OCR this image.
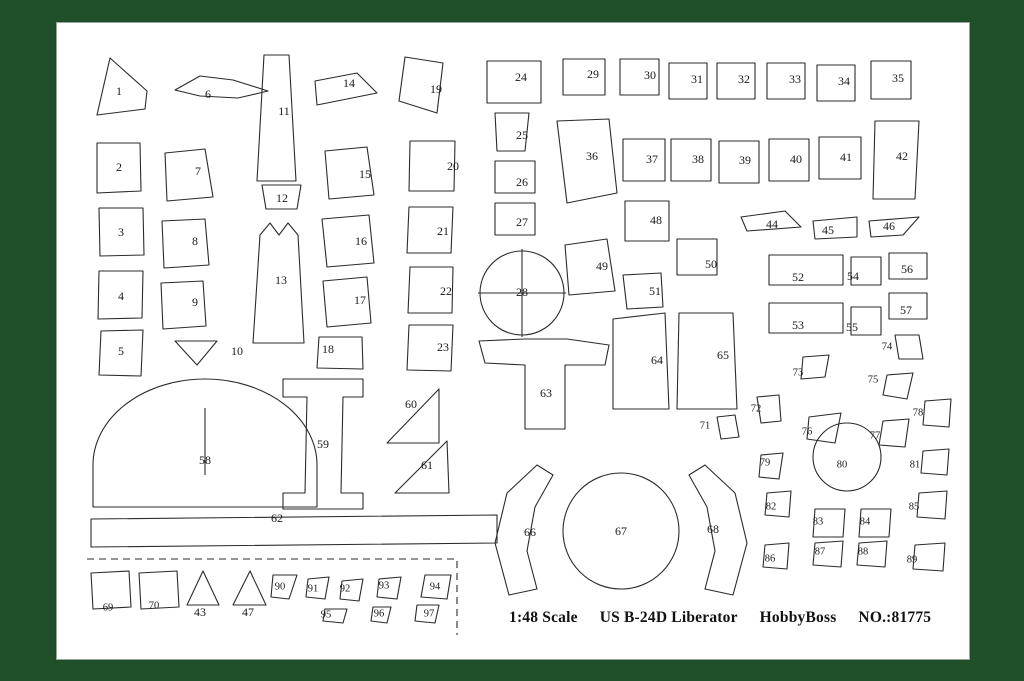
1
2
3
4
5
6
7
8
9
10
11
12
13
14
15
16
17
18
19
20
21
22
23
24
25
26
27
28
29	30	31	32	33	34	35
36	37	38	39	40	41	42
43
44	45	46
47
48
49	50
51
52
53
54
55
56
57
58
59
60
61
62
63
64	65
66	67	68
69	70
71
72
73
74
75
76	77
78
79	80	81
82
83	84
85
86
87	88
89
90 91 92	93	94
95	96	97	1:48 Scale US B-24D Liberator HobbyBoss NO.:81775
